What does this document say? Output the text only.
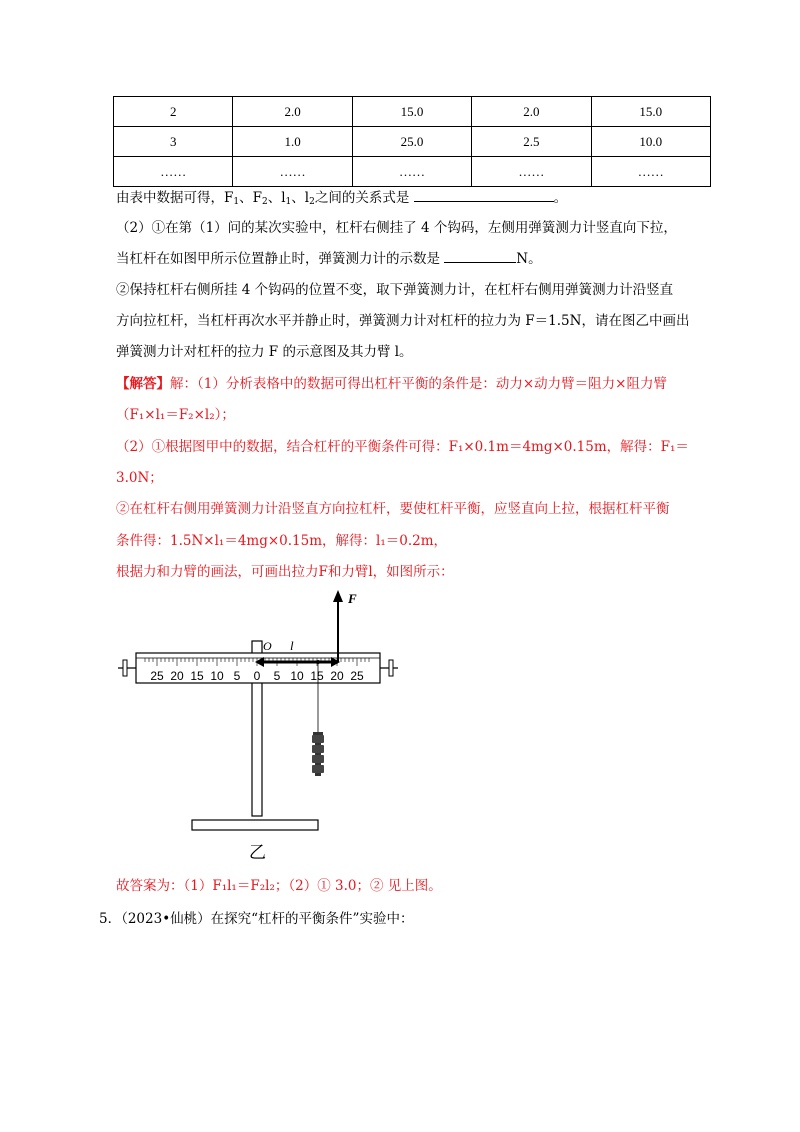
2	2.0	15.0	2.0	15.0
3	1.0	25.0	2.5	10.0
……	……	……	……	……
由表中数据可得，$F_1$、$F_2$、$l_1$、$l_2$之间的关系式是	。
（2）①在第（1）问的某次实验中，杠杆右侧挂了 4 个钩码，左侧用弹簧测力计竖直向下拉，
当杠杆在如图甲所示位置静止时，弹簧测力计的示数是	N。
②保持杠杆右侧所挂 4 个钩码的位置不变，取下弹簧测力计，在杠杆右侧用弹簧测力计沿竖直
方向拉杠杆，当杠杆再次水平并静止时，弹簧测力计对杠杆的拉力为 F＝1.5N，请在图乙中画出
弹簧测力计对杠杆的拉力 F 的示意图及其力臂 l。
【解答】解：（1）分析表格中的数据可得出杠杆平衡的条件是：动力×动力臂＝阻力×阻力臂
（F₁×l₁＝F₂×l₂）；
（2）①根据图甲中的数据，结合杠杆的平衡条件可得：F₁×0.1m＝4mg×0.15m，解得：F₁＝
3.0N；
②在杠杆右侧用弹簧测力计沿竖直方向拉杠杆，要使杠杆平衡，应竖直向上拉，根据杠杆平衡
条件得：1.5N×l₁＝4mg×0.15m，解得：l₁＝0.2m，
根据力和力臂的画法，可画出拉力F和力臂l，如图所示：
25 20 15 10 5 0 5 10 15 20 25
O l
F
乙
故答案为：（1）F₁l₁＝F₂l₂；（2）① 3.0；② 见上图。
5．（2023•仙桃）在探究“杠杆的平衡条件”实验中：
